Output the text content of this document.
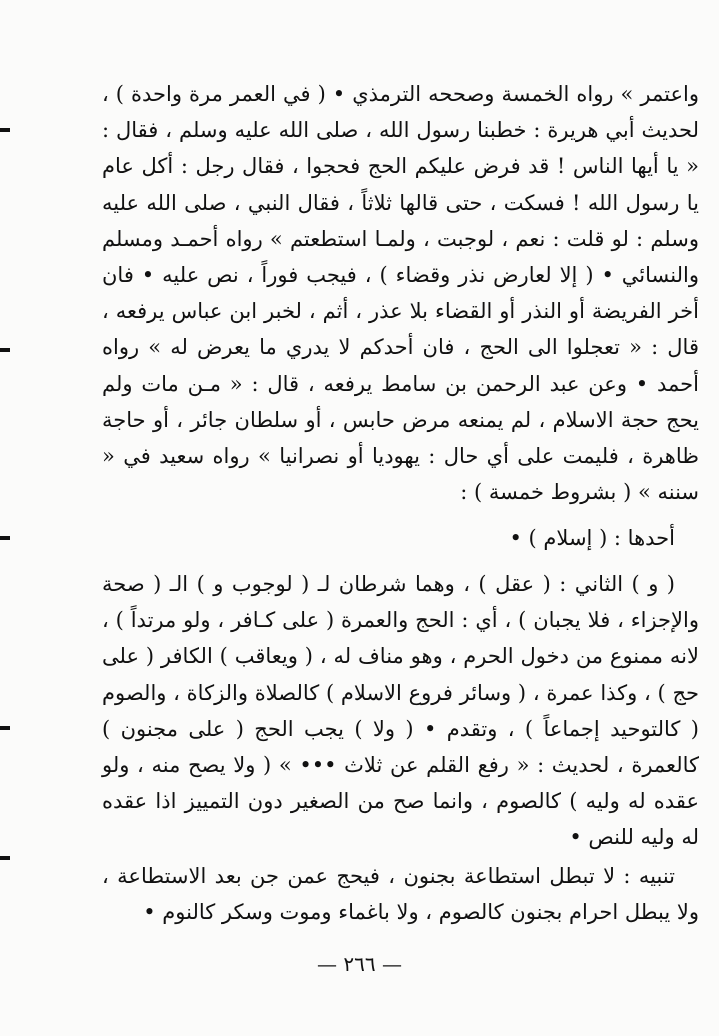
واعتمر » رواه الخمسة وصححه الترمذي • ( في العمر مرة واحدة ) ، لحديث أبي هريرة : خطبنا رسول الله ، صلى الله عليه وسلم ، فقال : « يا أيها الناس ! قد فرض عليكم الحج فحجوا ، فقال رجل : أكل عام يا رسول الله ! فسكت ، حتى قالها ثلاثاً ، فقال النبي ، صلى الله عليه وسلم : لو قلت : نعم ، لوجبت ، ولمـا استطعتم » رواه أحمـد ومسلم والنسائي • ( إلا لعارض نذر وقضاء ) ، فيجب فوراً ، نص عليه • فان أخر الفريضة أو النذر أو القضاء بلا عذر ، أثم ، لخبر ابن عباس يرفعه ، قال : « تعجلوا الى الحج ، فان أحدكم لا يدري ما يعرض له » رواه أحمد • وعن عبد الرحمن بن سامط يرفعه ، قال : « مـن مات ولم يحج حجة الاسلام ، لم يمنعه مرض حابس ، أو سلطان جائر ، أو حاجة ظاهرة ، فليمت على أي حال : يهوديا أو نصرانيا » رواه سعيد في « سننه » ( بشروط خمسة ) :

أحدها : ( إسلام ) •

( و ) الثاني : ( عقل ) ، وهما شرطان لـ ( لوجوب و ) الـ ( صحة والإجزاء ، فلا يجبان ) ، أي : الحج والعمرة ( على كـافر ، ولو مرتداً ) ، لانه ممنوع من دخول الحرم ، وهو مناف له ، ( ويعاقب ) الكافر ( على حج ) ، وكذا عمرة ، ( وسائر فروع الاسلام ) كالصلاة والزكاة ، والصوم ( كالتوحيد إجماعاً ) ، وتقدم • ( ولا ) يجب الحج ( على مجنون ) كالعمرة ، لحديث : « رفع القلم عن ثلاث ••• » ( ولا يصح منه ، ولو عقده له وليه ) كالصوم ، وانما صح من الصغير دون التمييز اذا عقده له وليه للنص •

تنبيه : لا تبطل استطاعة بجنون ، فيحج عمن جن بعد الاستطاعة ، ولا يبطل احرام بجنون كالصوم ، ولا باغماء وموت وسكر كالنوم •

— ٢٦٦ —
